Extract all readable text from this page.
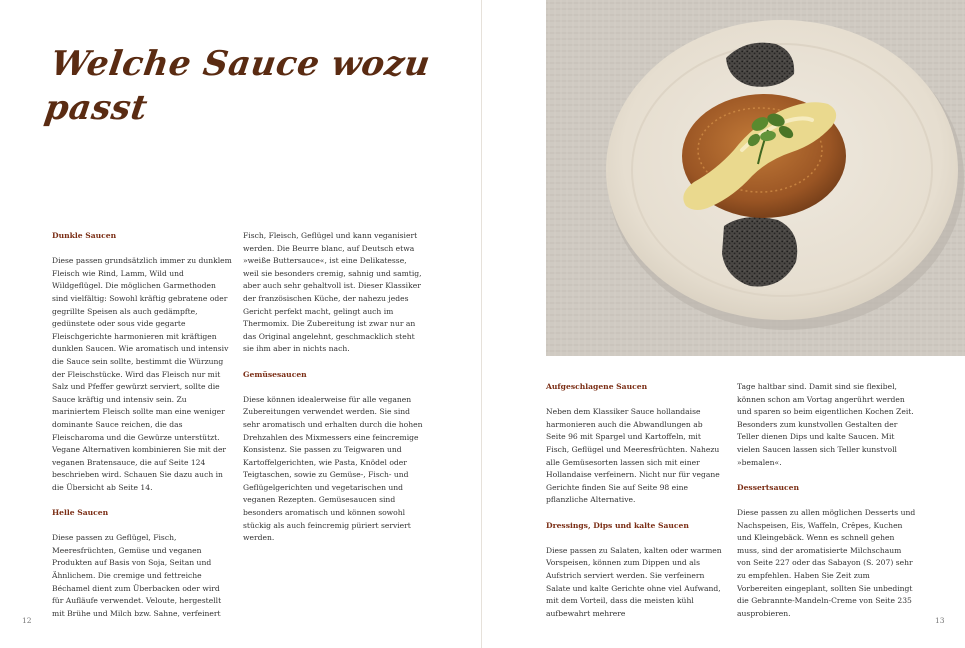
Welche Sauce wozu passt
Dunkle Saucen

Diese passen grundsätzlich immer zu dunklem Fleisch wie Rind, Lamm, Wild und Wildgeflügel. Die möglichen Garmethoden sind vielfältig: Sowohl kräftig gebratene oder gegrillte Speisen als auch gedämpfte, gedünstete oder sous vide gegarte Fleischgerichte harmonieren mit kräftigen dunklen Saucen. Wie aromatisch und intensiv die Sauce sein sollte, bestimmt die Würzung der Fleischstücke. Wird das Fleisch nur mit Salz und Pfeffer gewürzt serviert, sollte die Sauce kräftig und intensiv sein. Zu mariniertem Fleisch sollte man eine weniger dominante Sauce reichen, die das Fleischaroma und die Gewürze unterstützt. Vegane Alternativen kombinieren Sie mit der veganen Bratensauce, die auf Seite 124 beschrieben wird. Schauen Sie dazu auch in die Übersicht ab Seite 14.

Helle Saucen

Diese passen zu Geflügel, Fisch, Meeresfrüchten, Gemüse und veganen Produkten auf Basis von Soja, Seitan und Ähnlichem. Die cremige und fettreiche Béchamel dient zum Überbacken oder wird für Aufläufe verwendet. Veloute, hergestellt mit Brühe und Milch bzw. Sahne, verfeinert

Fisch, Fleisch, Geflügel und kann veganisiert werden. Die Beurre blanc, auf Deutsch etwa »weiße Buttersauce«, ist eine Delikatesse, weil sie besonders cremig, sahnig und samtig, aber auch sehr gehaltvoll ist. Dieser Klassiker der französischen Küche, der nahezu jedes Gericht perfekt macht, gelingt auch im Thermomix. Die Zubereitung ist zwar nur an das Original angelehnt, geschmacklich steht sie ihm aber in nichts nach.

Gemüsesaucen

Diese können idealerweise für alle veganen Zubereitungen verwendet werden. Sie sind sehr aromatisch und erhalten durch die hohen Drehzahlen des Mixmessers eine feincremige Konsistenz. Sie passen zu Teigwaren und Kartoffelgerichten, wie Pasta, Knödel oder Teigtaschen, sowie zu Gemüse-, Fisch- und Geflügelgerichten und vegetarischen und veganen Rezepten. Gemüsesaucen sind besonders aromatisch und können sowohl stückig als auch feincremig püriert serviert werden.

12	13
Aufgeschlagene Saucen

Neben dem Klassiker Sauce hollandaise harmonieren auch die Abwandlungen ab Seite 96 mit Spargel und Kartoffeln, mit Fisch, Geflügel und Meeresfrüchten. Nahezu alle Gemüsesorten lassen sich mit einer Hollandaise verfeinern. Nicht nur für vegane Gerichte finden Sie auf Seite 98 eine pflanzliche Alternative.

Dressings, Dips und kalte Saucen

Diese passen zu Salaten, kalten oder warmen Vorspeisen, können zum Dippen und als Aufstrich serviert werden. Sie verfeinern Salate und kalte Gerichte ohne viel Aufwand, mit dem Vorteil, dass die meisten kühl aufbewahrt mehrere

Tage haltbar sind. Damit sind sie flexibel, können schon am Vortag angerührt werden und sparen so beim eigentlichen Kochen Zeit. Besonders zum kunstvollen Gestalten der Teller dienen Dips und kalte Saucen. Mit vielen Saucen lassen sich Teller kunstvoll »bemalen«.

Dessertsaucen

Diese passen zu allen möglichen Desserts und Nachspeisen, Eis, Waffeln, Crêpes, Kuchen und Kleingebäck. Wenn es schnell gehen muss, sind der aromatisierte Milchschaum von Seite 227 oder das Sabayon (S. 207) sehr zu empfehlen. Haben Sie Zeit zum Vorbereiten eingeplant, sollten Sie unbedingt die Gebrannte-Mandeln-Creme von Seite 235 ausprobieren.
